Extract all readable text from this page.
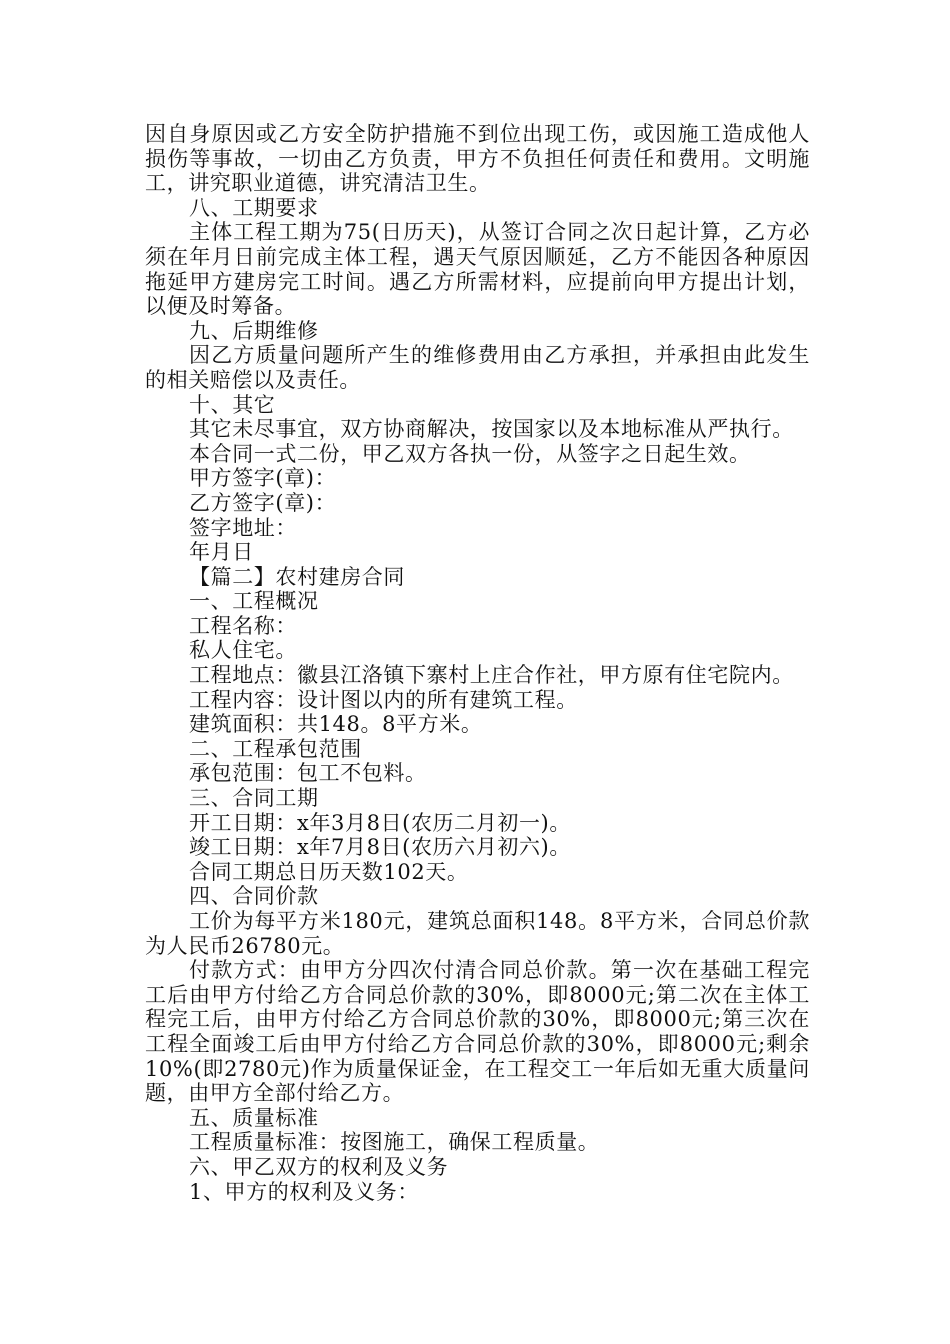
因自身原因或乙方安全防护措施不到位出现工伤，或因施工造成他人损伤等事故，一切由乙方负责，甲方不负担任何责任和费用。文明施工，讲究职业道德，讲究清洁卫生。

八、工期要求

主体工程工期为75(日历天)，从签订合同之次日起计算，乙方必须在年月日前完成主体工程，遇天气原因顺延，乙方不能因各种原因拖延甲方建房完工时间。遇乙方所需材料，应提前向甲方提出计划，以便及时筹备。

九、后期维修

因乙方质量问题所产生的维修费用由乙方承担，并承担由此发生的相关赔偿以及责任。

十、其它

其它未尽事宜，双方协商解决，按国家以及本地标准从严执行。

本合同一式二份，甲乙双方各执一份，从签字之日起生效。

甲方签字(章)：

乙方签字(章)：

签字地址：

年月日

【篇二】农村建房合同

一、工程概况

工程名称：

私人住宅。

工程地点：徽县江洛镇下寨村上庄合作社，甲方原有住宅院内。

工程内容：设计图以内的所有建筑工程。

建筑面积：共148。8平方米。

二、工程承包范围

承包范围：包工不包料。

三、合同工期

开工日期：x年3月8日(农历二月初一)。

竣工日期：x年7月8日(农历六月初六)。

合同工期总日历天数102天。

四、合同价款

工价为每平方米180元，建筑总面积148。8平方米，合同总价款为人民币26780元。

付款方式：由甲方分四次付清合同总价款。第一次在基础工程完工后由甲方付给乙方合同总价款的30%，即8000元;第二次在主体工程完工后，由甲方付给乙方合同总价款的30%，即8000元;第三次在工程全面竣工后由甲方付给乙方合同总价款的30%，即8000元;剩余10%(即2780元)作为质量保证金，在工程交工一年后如无重大质量问题，由甲方全部付给乙方。

五、质量标准

工程质量标准：按图施工，确保工程质量。

六、甲乙双方的权利及义务

1、甲方的权利及义务：
